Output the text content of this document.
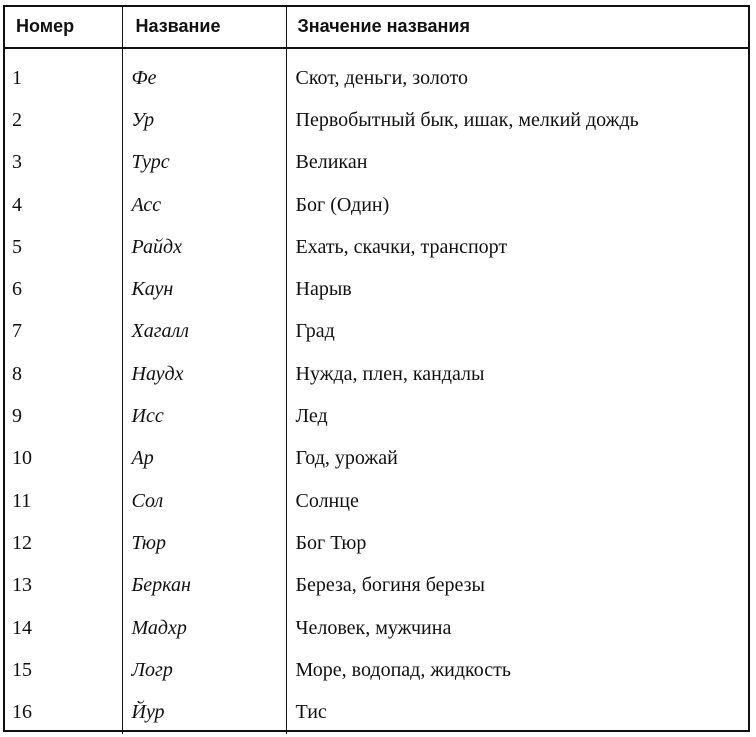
Номер	Название	Значение названия
1	Фе	Скот, деньги, золото
2	Ур	Первобытный бык, ишак, мелкий дождь
3	Турс	Великан
4	Асс	Бог (Один)
5	Райдх	Ехать, скачки, транспорт
6	Каун	Нарыв
7	Хагалл	Град
8	Наудх	Нужда, плен, кандалы
9	Исс	Лед
10	Ар	Год, урожай
11	Сол	Солнце
12	Тюр	Бог Тюр
13	Беркан	Береза, богиня березы
14	Мадхр	Человек, мужчина
15	Логр	Море, водопад, жидкость
16	Йур	Тис
